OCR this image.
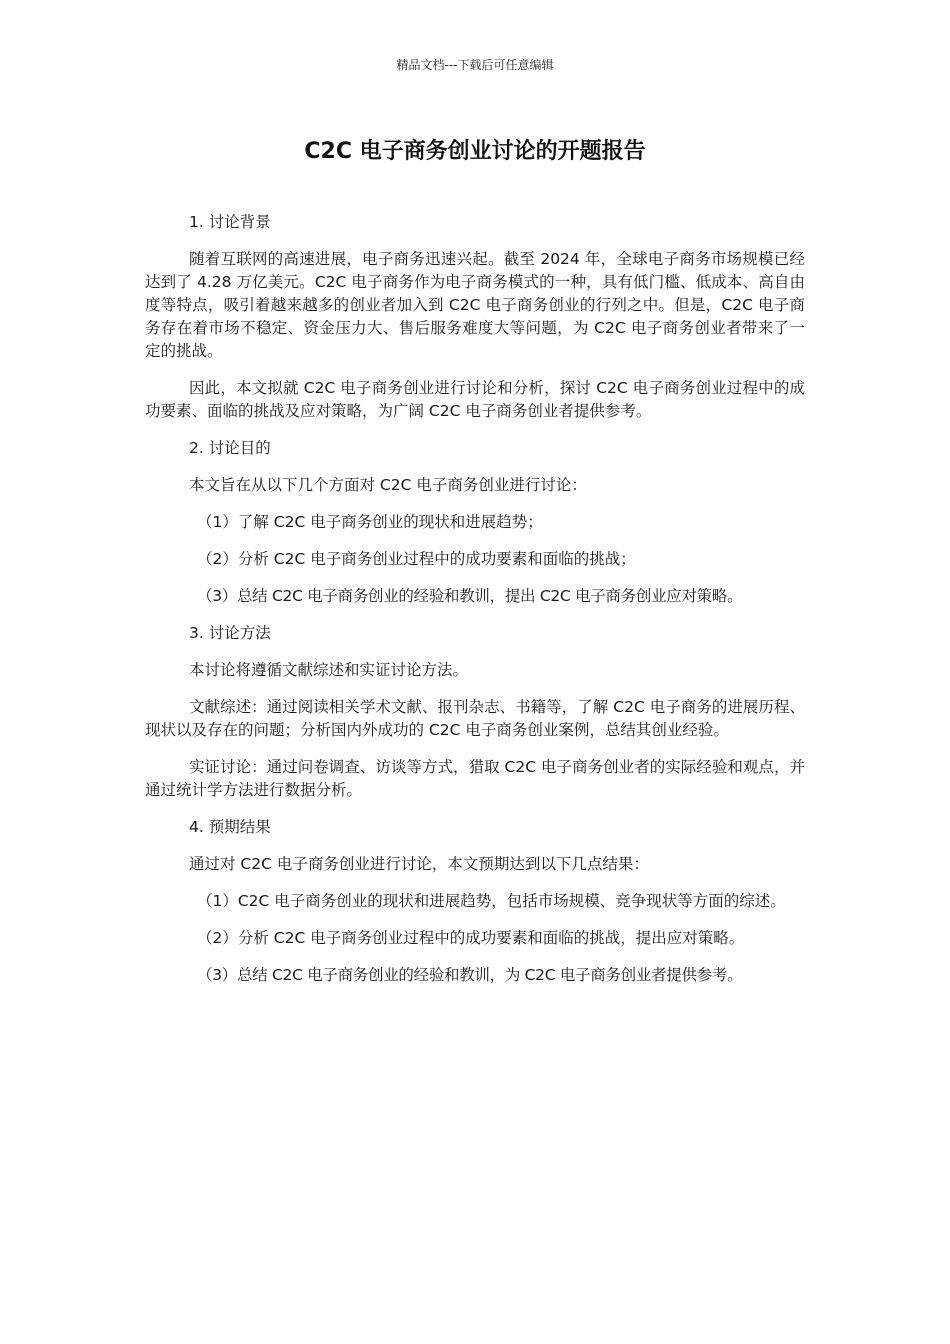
精品文档---下载后可任意编辑
C2C 电子商务创业讨论的开题报告
1. 讨论背景

随着互联网的高速进展，电子商务迅速兴起。截至 2024 年，全球电子商务市场规模已经达到了 4.28 万亿美元。C2C 电子商务作为电子商务模式的一种，具有低门槛、低成本、高自由度等特点，吸引着越来越多的创业者加入到 C2C 电子商务创业的行列之中。但是，C2C 电子商务存在着市场不稳定、资金压力大、售后服务难度大等问题，为 C2C 电子商务创业者带来了一定的挑战。

因此，本文拟就 C2C 电子商务创业进行讨论和分析，探讨 C2C 电子商务创业过程中的成功要素、面临的挑战及应对策略，为广阔 C2C 电子商务创业者提供参考。

2. 讨论目的

本文旨在从以下几个方面对 C2C 电子商务创业进行讨论：

（1）了解 C2C 电子商务创业的现状和进展趋势；

（2）分析 C2C 电子商务创业过程中的成功要素和面临的挑战；

（3）总结 C2C 电子商务创业的经验和教训，提出 C2C 电子商务创业应对策略。

3. 讨论方法

本讨论将遵循文献综述和实证讨论方法。

文献综述：通过阅读相关学术文献、报刊杂志、书籍等，了解 C2C 电子商务的进展历程、现状以及存在的问题；分析国内外成功的 C2C 电子商务创业案例，总结其创业经验。

实证讨论：通过问卷调查、访谈等方式，猎取 C2C 电子商务创业者的实际经验和观点，并通过统计学方法进行数据分析。

4. 预期结果

通过对 C2C 电子商务创业进行讨论，本文预期达到以下几点结果：

（1）C2C 电子商务创业的现状和进展趋势，包括市场规模、竞争现状等方面的综述。

（2）分析 C2C 电子商务创业过程中的成功要素和面临的挑战，提出应对策略。

（3）总结 C2C 电子商务创业的经验和教训，为 C2C 电子商务创业者提供参考。
